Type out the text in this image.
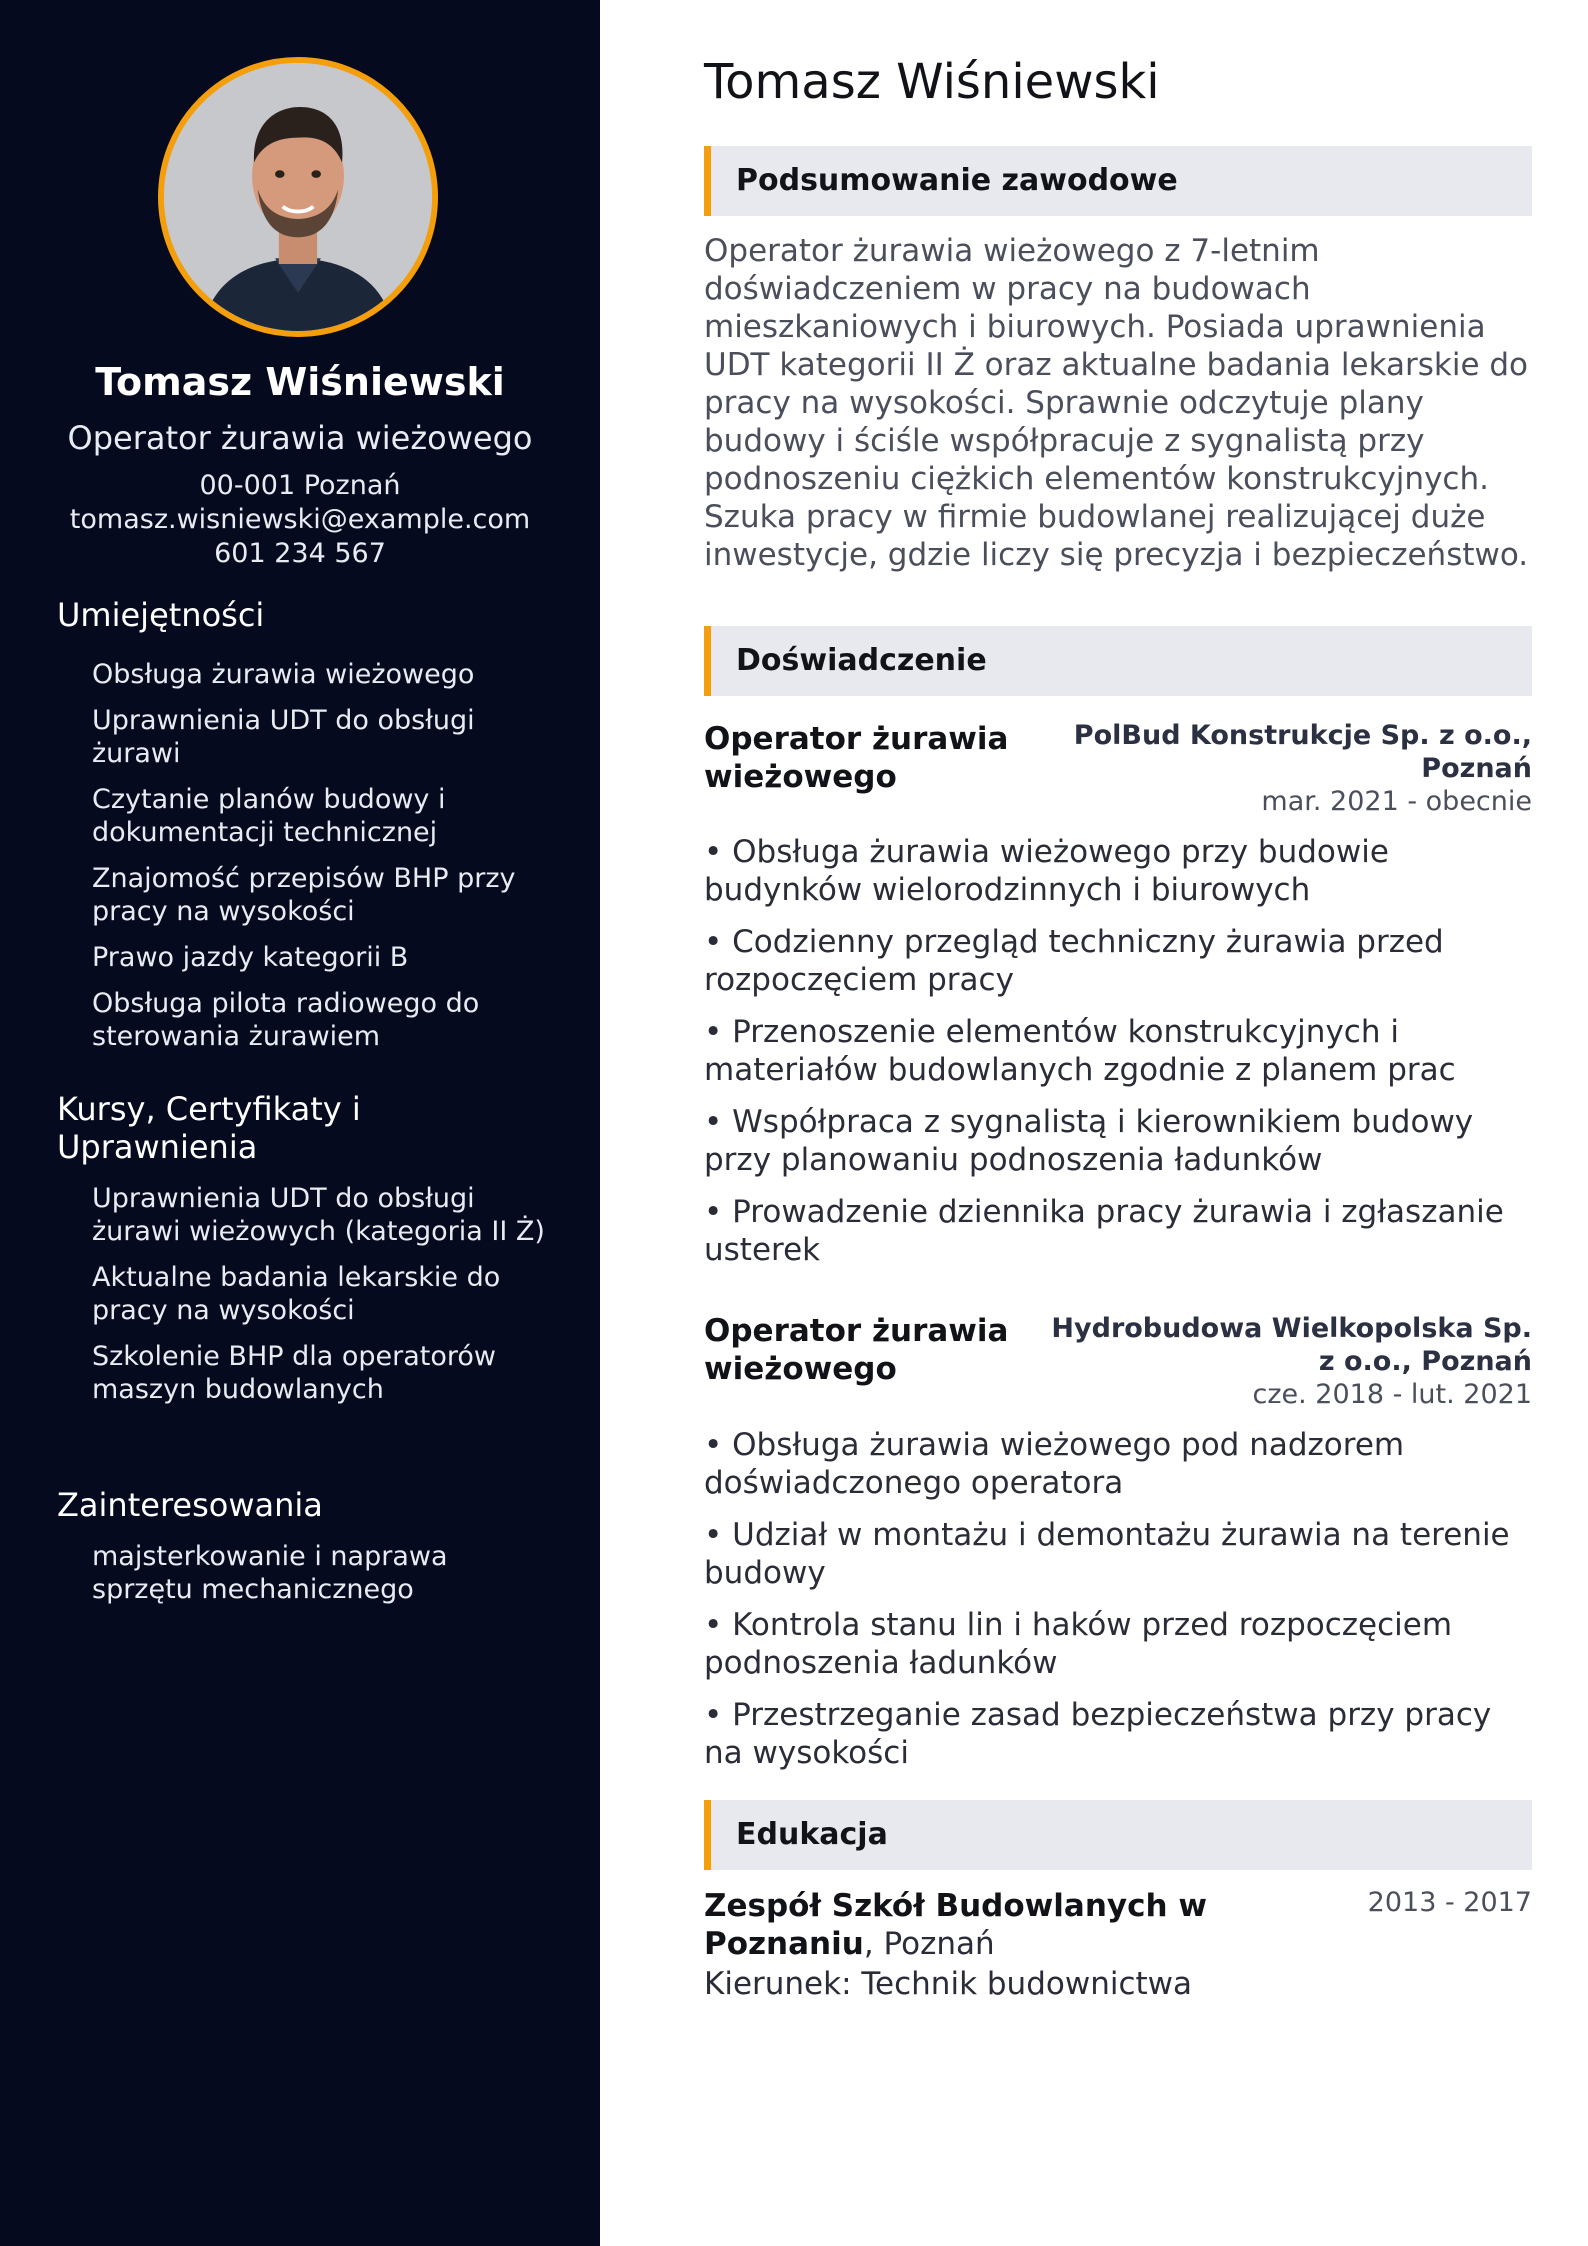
Tomasz Wiśniewski
Operator żurawia wieżowego
00-001 Poznań
tomasz.wisniewski@example.com
601 234 567
Umiejętności
Obsługa żurawia wieżowego
Uprawnienia UDT do obsługi żurawi
Czytanie planów budowy i dokumentacji technicznej
Znajomość przepisów BHP przy pracy na wysokości
Prawo jazdy kategorii B
Obsługa pilota radiowego do sterowania żurawiem
Kursy, Certyfikaty i Uprawnienia
Uprawnienia UDT do obsługi żurawi wieżowych (kategoria II Ż)
Aktualne badania lekarskie do pracy na wysokości
Szkolenie BHP dla operatorów maszyn budowlanych
Zainteresowania
majsterkowanie i naprawa sprzętu mechanicznego
Tomasz Wiśniewski
Podsumowanie zawodowe

Operator żurawia wieżowego z 7-letnim doświadczeniem w pracy na budowach mieszkaniowych i biurowych. Posiada uprawnienia UDT kategorii II Ż oraz aktualne badania lekarskie do pracy na wysokości. Sprawnie odczytuje plany budowy i ściśle współpracuje z sygnalistą przy podnoszeniu ciężkich elementów konstrukcyjnych. Szuka pracy w firmie budowlanej realizującej duże inwestycje, gdzie liczy się precyzja i bezpieczeństwo.

Doświadczenie
Operator żurawia wieżowego
PolBud Konstrukcje Sp. z o.o., Poznań
mar. 2021 - obecnie
• Obsługa żurawia wieżowego przy budowie budynków wielorodzinnych i biurowych
• Codzienny przegląd techniczny żurawia przed rozpoczęciem pracy
• Przenoszenie elementów konstrukcyjnych i materiałów budowlanych zgodnie z planem prac
• Współpraca z sygnalistą i kierownikiem budowy przy planowaniu podnoszenia ładunków
• Prowadzenie dziennika pracy żurawia i zgłaszanie usterek
Operator żurawia wieżowego
Hydrobudowa Wielkopolska Sp. z o.o., Poznań
cze. 2018 - lut. 2021
• Obsługa żurawia wieżowego pod nadzorem doświadczonego operatora
• Udział w montażu i demontażu żurawia na terenie budowy
• Kontrola stanu lin i haków przed rozpoczęciem podnoszenia ładunków
• Przestrzeganie zasad bezpieczeństwa przy pracy na wysokości
Edukacja
Zespół Szkół Budowlanych w Poznaniu, Poznań
Kierunek: Technik budownictwa
2013 - 2017
